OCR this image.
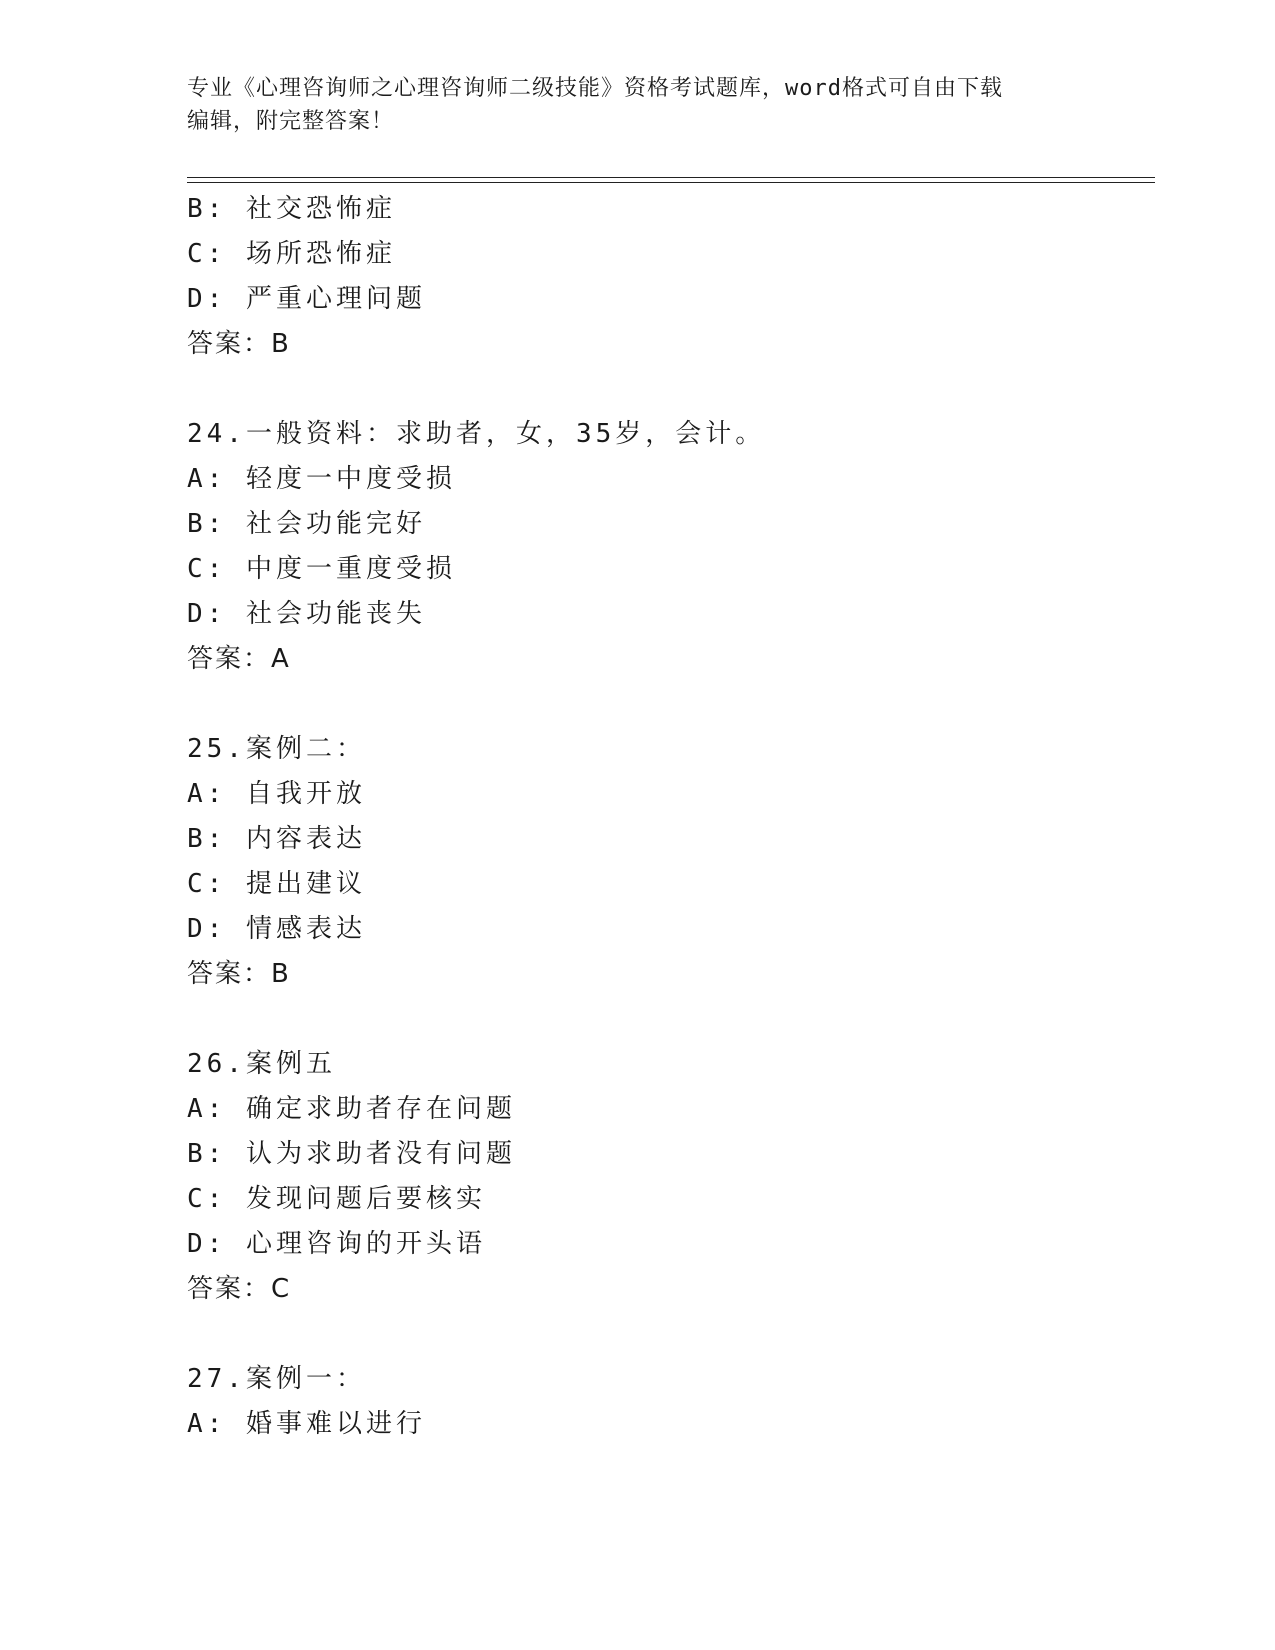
专业《心理咨询师之心理咨询师二级技能》资格考试题库，word格式可自由下载
编辑，附完整答案！
B: 社交恐怖症
C: 场所恐怖症
D: 严重心理问题
答案：B
24.一般资料：求助者，女，35岁，会计。
A: 轻度一中度受损
B: 社会功能完好
C: 中度一重度受损
D: 社会功能丧失
答案：A
25.案例二：
A: 自我开放
B: 内容表达
C: 提出建议
D: 情感表达
答案：B
26.案例五
A: 确定求助者存在问题
B: 认为求助者没有问题
C: 发现问题后要核实
D: 心理咨询的开头语
答案：C
27.案例一：
A: 婚事难以进行
